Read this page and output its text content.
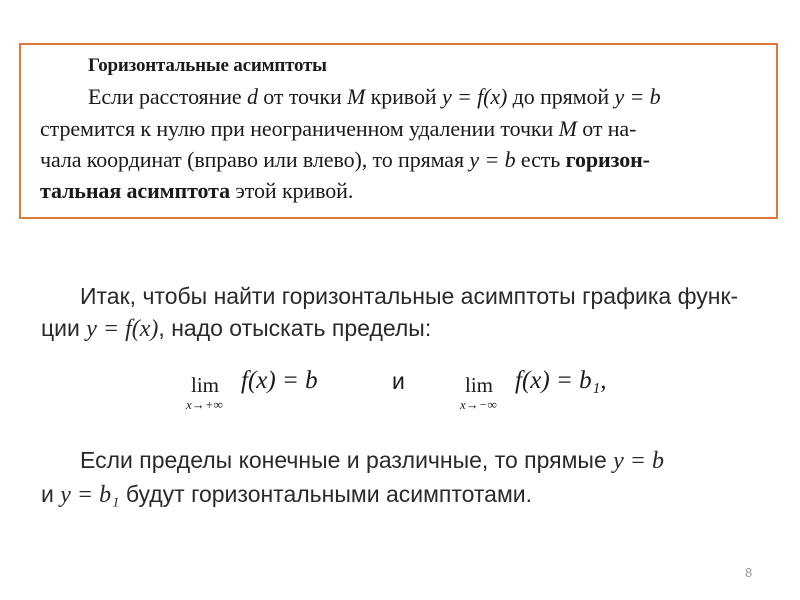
Горизонтальные асимптоты
Если расстояние d от точки M кривой y = f(x) до прямой y = b
стремится к нулю при неограниченном удалении точки M от на-
чала координат (вправо или влево), то прямая y = b есть горизон-
тальная асимптота этой кривой.
Итак, чтобы найти горизонтальные асимптоты графика функ-
ции y = f(x), надо отыскать пределы:
lim
x→+∞
f(x) = b	и	lim
x→−∞
f(x) = b₁,
Если пределы конечные и различные, то прямые y = b
и y = b₁ будут горизонтальными асимптотами.
8
